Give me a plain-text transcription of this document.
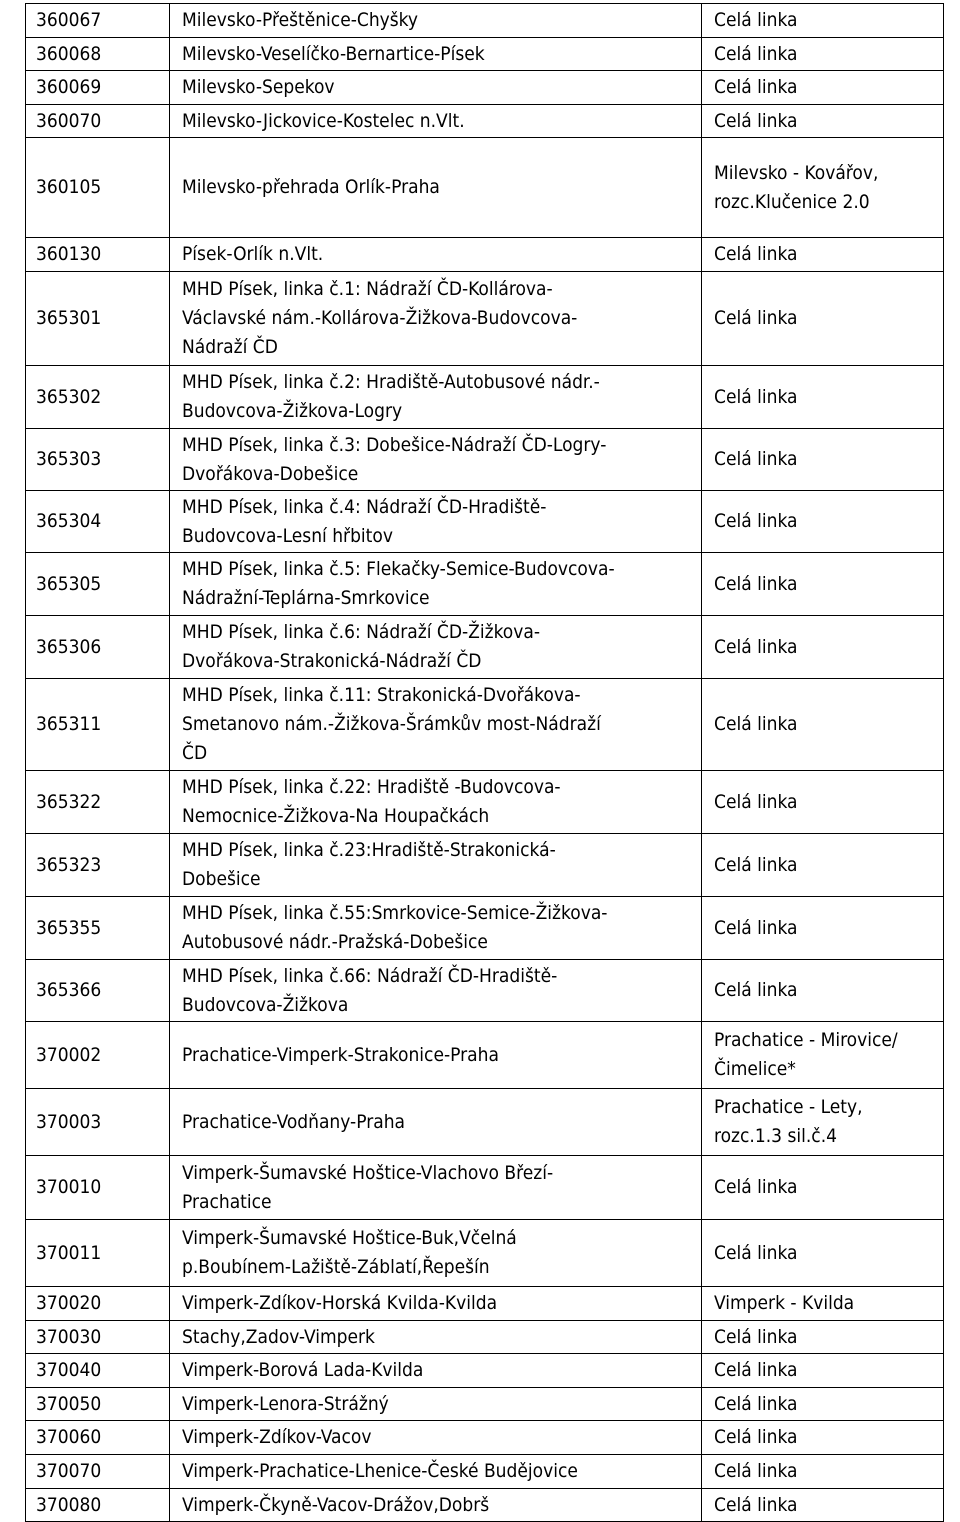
360067	Milevsko-Přeštěnice-Chyšky	Celá linka
360068	Milevsko-Veselíčko-Bernartice-Písek	Celá linka
360069	Milevsko-Sepekov	Celá linka
360070	Milevsko-Jickovice-Kostelec n.Vlt.	Celá linka
360105	Milevsko-přehrada Orlík-Praha	Milevsko - Kovářov,
rozc.Klučenice 2.0
360130	Písek-Orlík n.Vlt.	Celá linka
365301	MHD Písek, linka č.1: Nádraží ČD-Kollárova-
Václavské nám.-Kollárova-Žižkova-Budovcova-
Nádraží ČD	Celá linka
365302	MHD Písek, linka č.2: Hradiště-Autobusové nádr.-
Budovcova-Žižkova-Logry	Celá linka
365303	MHD Písek, linka č.3: Dobešice-Nádraží ČD-Logry-
Dvořákova-Dobešice	Celá linka
365304	MHD Písek, linka č.4: Nádraží ČD-Hradiště-
Budovcova-Lesní hřbitov	Celá linka
365305	MHD Písek, linka č.5: Flekačky-Semice-Budovcova-
Nádražní-Teplárna-Smrkovice	Celá linka
365306	MHD Písek, linka č.6: Nádraží ČD-Žižkova-
Dvořákova-Strakonická-Nádraží ČD	Celá linka
365311	MHD Písek, linka č.11: Strakonická-Dvořákova-
Smetanovo nám.-Žižkova-Šrámkův most-Nádraží
ČD	Celá linka
365322	MHD Písek, linka č.22: Hradiště -Budovcova-
Nemocnice-Žižkova-Na Houpačkách	Celá linka
365323	MHD Písek, linka č.23:Hradiště-Strakonická-
Dobešice	Celá linka
365355	MHD Písek, linka č.55:Smrkovice-Semice-Žižkova-
Autobusové nádr.-Pražská-Dobešice	Celá linka
365366	MHD Písek, linka č.66: Nádraží ČD-Hradiště-
Budovcova-Žižkova	Celá linka
370002	Prachatice-Vimperk-Strakonice-Praha	Prachatice - Mirovice/
Čimelice*
370003	Prachatice-Vodňany-Praha	Prachatice - Lety,
rozc.1.3 sil.č.4
370010	Vimperk-Šumavské Hoštice-Vlachovo Březí-
Prachatice	Celá linka
370011	Vimperk-Šumavské Hoštice-Buk,Včelná
p.Boubínem-Lažiště-Záblatí,Řepešín	Celá linka
370020	Vimperk-Zdíkov-Horská Kvilda-Kvilda	Vimperk - Kvilda
370030	Stachy,Zadov-Vimperk	Celá linka
370040	Vimperk-Borová Lada-Kvilda	Celá linka
370050	Vimperk-Lenora-Strážný	Celá linka
370060	Vimperk-Zdíkov-Vacov	Celá linka
370070	Vimperk-Prachatice-Lhenice-České Budějovice	Celá linka
370080	Vimperk-Čkyně-Vacov-Drážov,Dobrš	Celá linka
